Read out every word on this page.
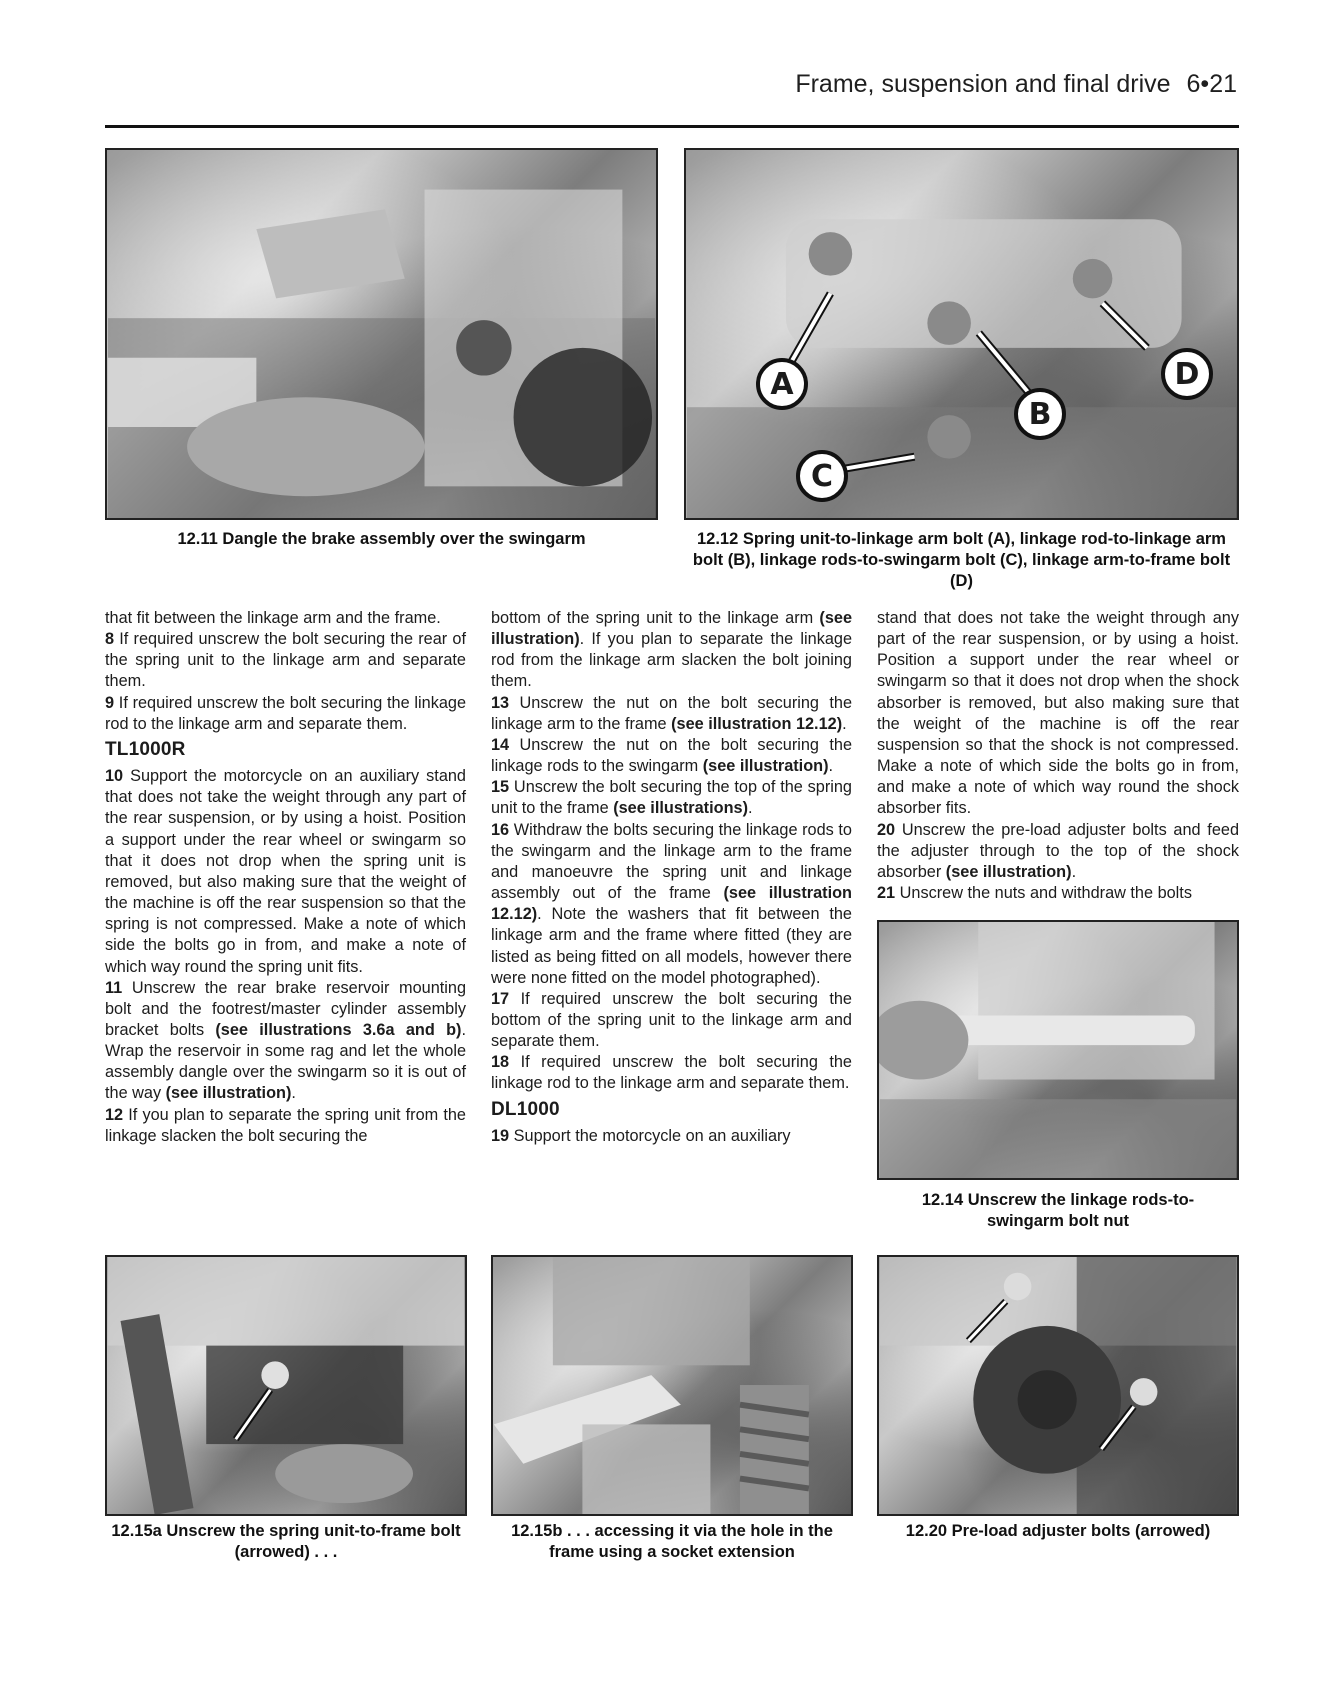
Frame, suspension and final drive 6•21
12.11 Dangle the brake assembly over the swingarm
A
B
C
D
12.12 Spring unit-to-linkage arm bolt (A), linkage rod-to-linkage arm bolt (B), linkage rods-to-swingarm bolt (C), linkage arm-to-frame bolt (D)

that fit between the linkage arm and the frame.

8 If required unscrew the bolt securing the rear of the spring unit to the linkage arm and separate them.

9 If required unscrew the bolt securing the linkage rod to the linkage arm and separate them.

TL1000R

10 Support the motorcycle on an auxiliary stand that does not take the weight through any part of the rear suspension, or by using a hoist. Position a support under the rear wheel or swingarm so that it does not drop when the spring unit is removed, but also making sure that the weight of the machine is off the rear suspension so that the spring is not compressed. Make a note of which side the bolts go in from, and make a note of which way round the spring unit fits.

11 Unscrew the rear brake reservoir mounting bolt and the footrest/master cylinder assembly bracket bolts (see illustrations 3.6a and b). Wrap the reservoir in some rag and let the whole assembly dangle over the swingarm so it is out of the way (see illustration).

12 If you plan to separate the spring unit from the linkage slacken the bolt securing the

bottom of the spring unit to the linkage arm (see illustration). If you plan to separate the linkage rod from the linkage arm slacken the bolt joining them.

13 Unscrew the nut on the bolt securing the linkage arm to the frame (see illustration 12.12).

14 Unscrew the nut on the bolt securing the linkage rods to the swingarm (see illustration).

15 Unscrew the bolt securing the top of the spring unit to the frame (see illustrations).

16 Withdraw the bolts securing the linkage rods to the swingarm and the linkage arm to the frame and manoeuvre the spring unit and linkage assembly out of the frame (see illustration 12.12). Note the washers that fit between the linkage arm and the frame where fitted (they are listed as being fitted on all models, however there were none fitted on the model photographed).

17 If required unscrew the bolt securing the bottom of the spring unit to the linkage arm and separate them.

18 If required unscrew the bolt securing the linkage rod to the linkage arm and separate them.

DL1000

19 Support the motorcycle on an auxiliary

stand that does not take the weight through any part of the rear suspension, or by using a hoist. Position a support under the rear wheel or swingarm so that it does not drop when the shock absorber is removed, but also making sure that the weight of the machine is off the rear suspension so that the shock is not compressed. Make a note of which side the bolts go in from, and make a note of which way round the shock absorber fits.

20 Unscrew the pre-load adjuster bolts and feed the adjuster through to the top of the shock absorber (see illustration).

21 Unscrew the nuts and withdraw the bolts

12.14 Unscrew the linkage rods-to-swingarm bolt nut
12.15a Unscrew the spring unit-to-frame bolt (arrowed) . . .
12.15b . . . accessing it via the hole in the frame using a socket extension
12.20 Pre-load adjuster bolts (arrowed)
